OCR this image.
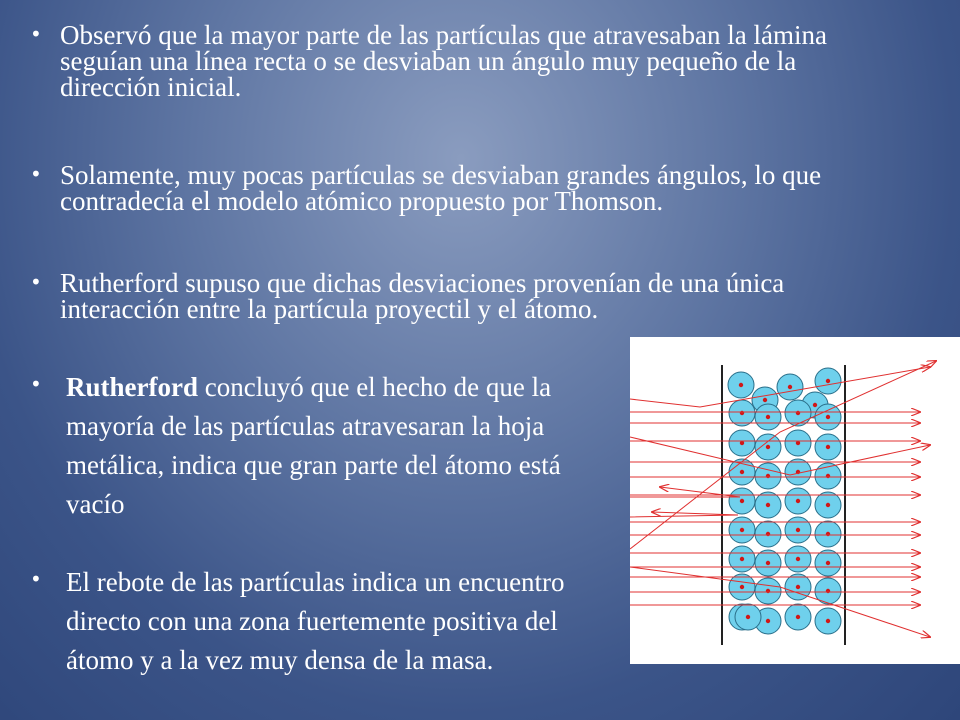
• Observó que la mayor parte de las partículas que atravesaban la lámina seguían una línea recta o se desviaban un ángulo muy pequeño de la dirección inicial.
• Solamente, muy pocas partículas se desviaban grandes ángulos, lo que contradecía el modelo atómico propuesto por Thomson.
• Rutherford supuso que dichas desviaciones provenían de una única interacción entre la partícula proyectil y el átomo.
• Rutherford concluyó que el hecho de que la mayoría de las partículas atravesaran la hoja metálica, indica que gran parte del átomo está vacío
• El rebote de las partículas indica un encuentro directo con una zona fuertemente positiva del átomo y a la vez muy densa de la masa.
